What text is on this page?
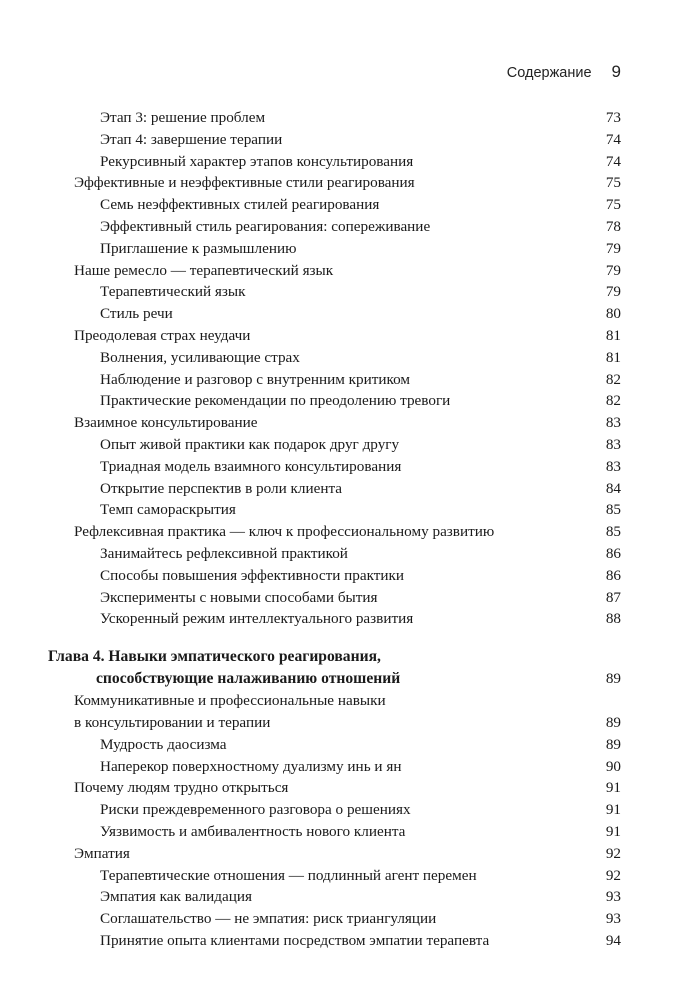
Содержание 9
Этап 3: решение проблем	73
Этап 4: завершение терапии	74
Рекурсивный характер этапов консультирования	74
Эффективные и неэффективные стили реагирования	75
Семь неэффективных стилей реагирования	75
Эффективный стиль реагирования: сопереживание	78
Приглашение к размышлению	79
Наше ремесло — терапевтический язык	79
Терапевтический язык	79
Стиль речи	80
Преодолевая страх неудачи	81
Волнения, усиливающие страх	81
Наблюдение и разговор с внутренним критиком	82
Практические рекомендации по преодолению тревоги	82
Взаимное консультирование	83
Опыт живой практики как подарок друг другу	83
Триадная модель взаимного консультирования	83
Открытие перспектив в роли клиента	84
Темп самораскрытия	85
Рефлексивная практика — ключ к профессиональному развитию	85
Занимайтесь рефлексивной практикой	86
Способы повышения эффективности практики	86
Эксперименты с новыми способами бытия	87
Ускоренный режим интеллектуального развития	88
Глава 4. Навыки эмпатического реагирования,
способствующие налаживанию отношений	89
Коммуникативные и профессиональные навыки
в консультировании и терапии	89
Мудрость даосизма	89
Наперекор поверхностному дуализму инь и ян	90
Почему людям трудно открыться	91
Риски преждевременного разговора о решениях	91
Уязвимость и амбивалентность нового клиента	91
Эмпатия	92
Терапевтические отношения — подлинный агент перемен	92
Эмпатия как валидация	93
Соглашательство — не эмпатия: риск триангуляции	93
Принятие опыта клиентами посредством эмпатии терапевта	94
